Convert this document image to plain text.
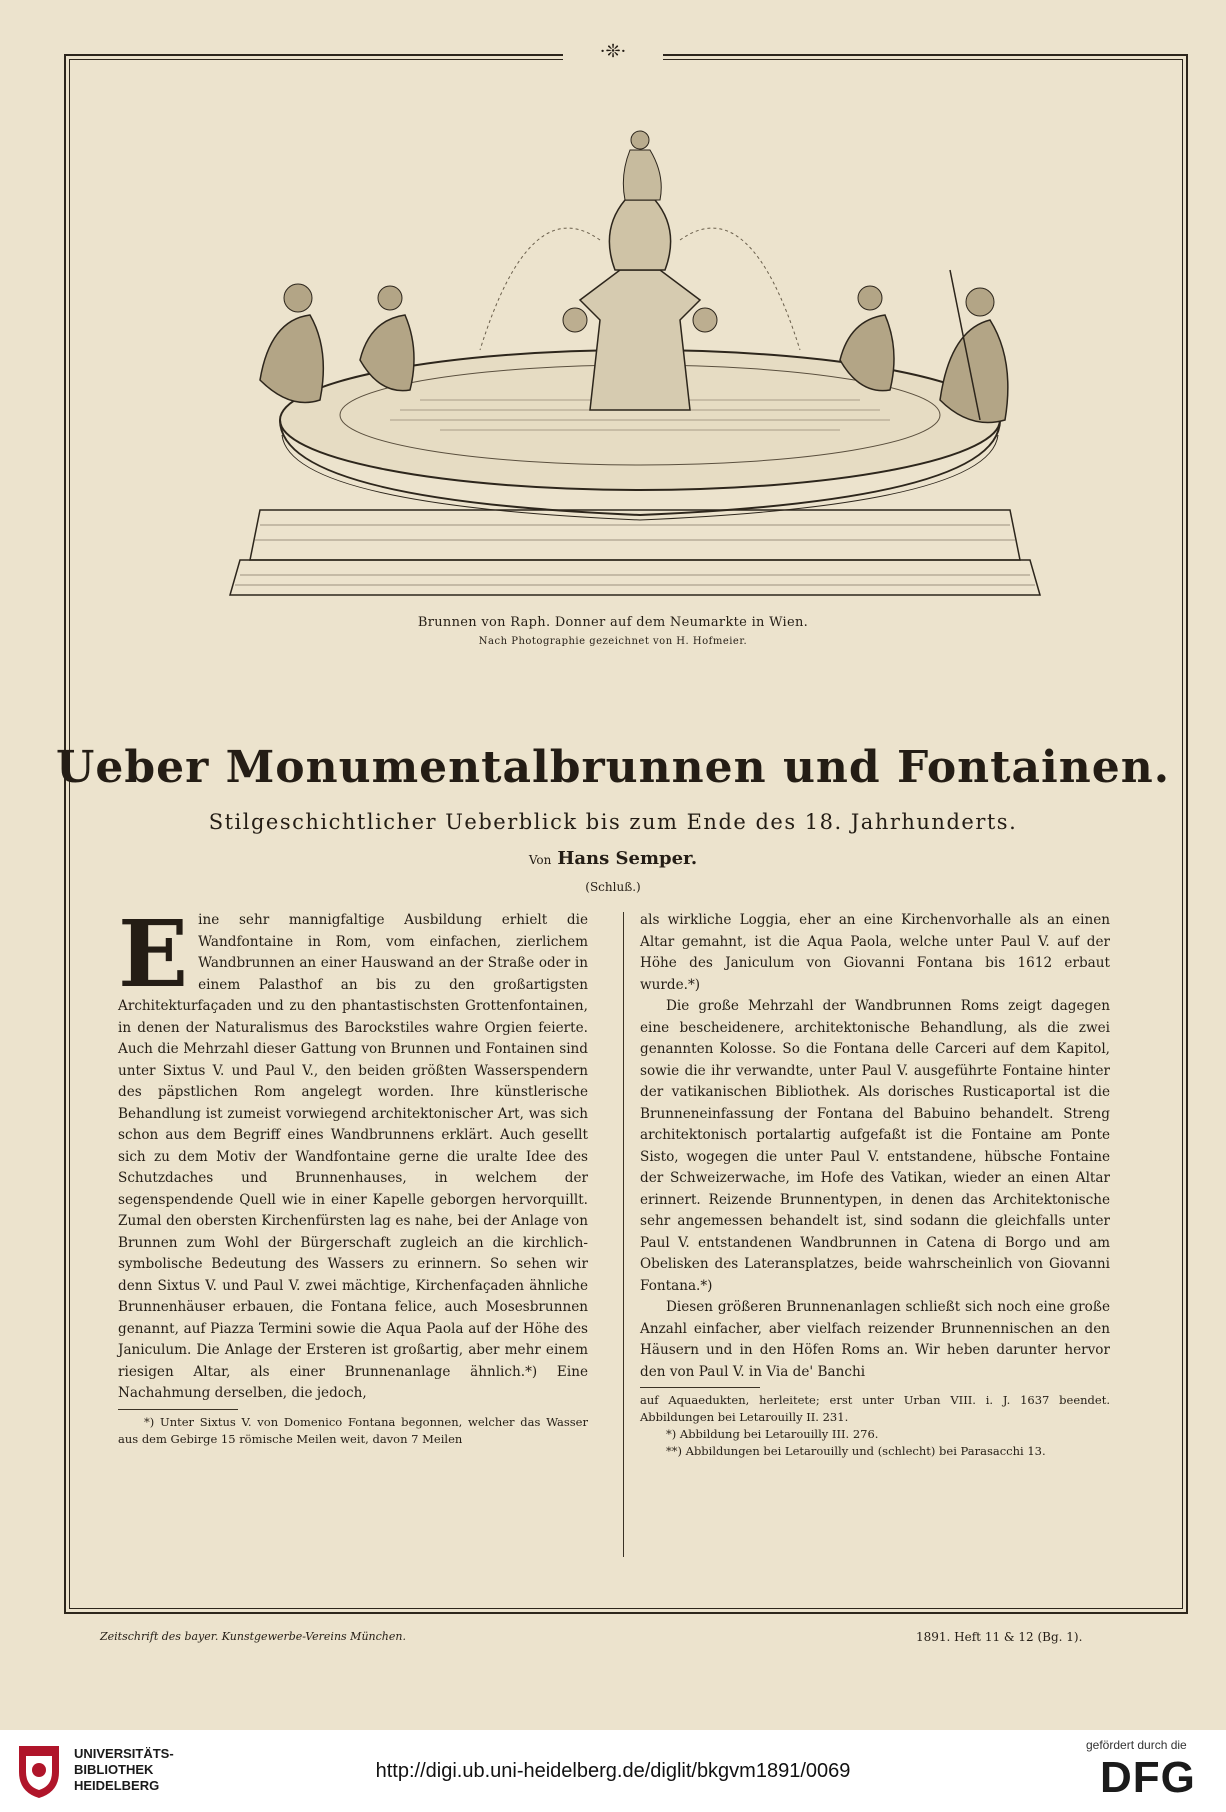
·❊·
Brunnen von Raph. Donner auf dem Neumarkte in Wien.
Nach Photographie gezeichnet von H. Hofmeier.
Ueber Monumentalbrunnen und Fontainen.
Stilgeschichtlicher Ueberblick bis zum Ende des 18. Jahrhunderts.
Von Hans Semper.
(Schluß.)
E ine sehr mannigfaltige Ausbildung erhielt die Wandfontaine in Rom, vom einfachen, zierlichem Wandbrunnen an einer Hauswand an der Straße oder in einem Palasthof an bis zu den großartigsten Architekturfaçaden und zu den phantastischsten Grottenfontainen, in denen der Naturalismus des Barockstiles wahre Orgien feierte. Auch die Mehrzahl dieser Gattung von Brunnen und Fontainen sind unter Sixtus V. und Paul V., den beiden größten Wasserspendern des päpstlichen Rom angelegt worden. Ihre künstlerische Behandlung ist zumeist vorwiegend architektonischer Art, was sich schon aus dem Begriff eines Wandbrunnens erklärt. Auch gesellt sich zu dem Motiv der Wandfontaine gerne die uralte Idee des Schutzdaches und Brunnenhauses, in welchem der segenspendende Quell wie in einer Kapelle geborgen hervorquillt. Zumal den obersten Kirchenfürsten lag es nahe, bei der Anlage von Brunnen zum Wohl der Bürgerschaft zugleich an die kirchlich-symbolische Bedeutung des Wassers zu erinnern. So sehen wir denn Sixtus V. und Paul V. zwei mächtige, Kirchenfaçaden ähnliche Brunnenhäuser erbauen, die Fontana felice, auch Mosesbrunnen genannt, auf Piazza Termini sowie die Aqua Paola auf der Höhe des Janiculum. Die Anlage der Ersteren ist großartig, aber mehr einem riesigen Altar, als einer Brunnenanlage ähnlich.*) Eine Nachahmung derselben, die jedoch,

*) Unter Sixtus V. von Domenico Fontana begonnen, welcher das Wasser aus dem Gebirge 15 römische Meilen weit, davon 7 Meilen

als wirkliche Loggia, eher an eine Kirchenvorhalle als an einen Altar gemahnt, ist die Aqua Paola, welche unter Paul V. auf der Höhe des Janiculum von Giovanni Fontana bis 1612 erbaut wurde.*)

Die große Mehrzahl der Wandbrunnen Roms zeigt dagegen eine bescheidenere, architektonische Behandlung, als die zwei genannten Kolosse. So die Fontana delle Carceri auf dem Kapitol, sowie die ihr verwandte, unter Paul V. ausgeführte Fontaine hinter der vatikanischen Bibliothek. Als dorisches Rusticaportal ist die Brunneneinfassung der Fontana del Babuino behandelt. Streng architektonisch portalartig aufgefaßt ist die Fontaine am Ponte Sisto, wogegen die unter Paul V. entstandene, hübsche Fontaine der Schweizerwache, im Hofe des Vatikan, wieder an einen Altar erinnert. Reizende Brunnentypen, in denen das Architektonische sehr angemessen behandelt ist, sind sodann die gleichfalls unter Paul V. entstandenen Wandbrunnen in Catena di Borgo und am Obelisken des Lateransplatzes, beide wahrscheinlich von Giovanni Fontana.*)

Diesen größeren Brunnenanlagen schließt sich noch eine große Anzahl einfacher, aber vielfach reizender Brunnennischen an den Häusern und in den Höfen Roms an. Wir heben darunter hervor den von Paul V. in Via de' Banchi

auf Aquaedukten, herleitete; erst unter Urban VIII. i. J. 1637 beendet. Abbildungen bei Letarouilly II. 231.

*) Abbildung bei Letarouilly III. 276.

**) Abbildungen bei Letarouilly und (schlecht) bei Parasacchi 13.

Zeitschrift des bayer. Kunstgewerbe-Vereins München.	1891. Heft 11 & 12 (Bg. 1).
UNIVERSITÄTS-
BIBLIOTHEK
HEIDELBERG
http://digi.ub.uni-heidelberg.de/diglit/bkgvm1891/0069
gefördert durch die
DFG
